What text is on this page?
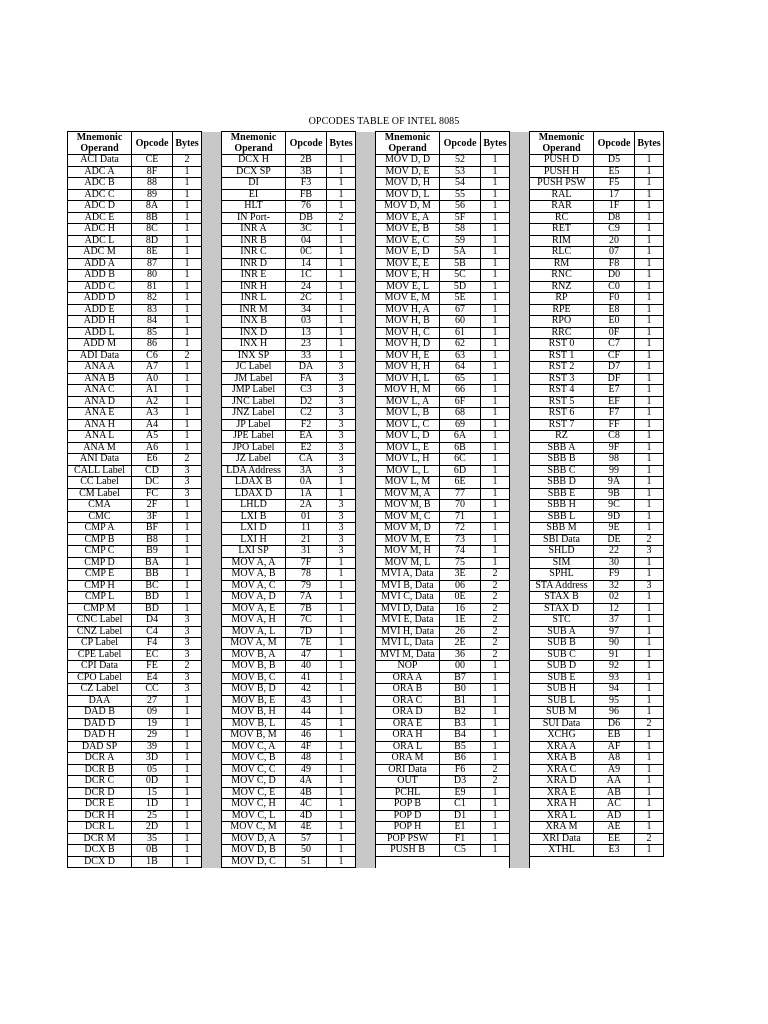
OPCODES TABLE OF INTEL 8085
Mnemonic Operand	Opcode	Bytes		Mnemonic Operand	Opcode	Bytes		Mnemonic Operand	Opcode	Bytes		Mnemonic Operand	Opcode	Bytes
ACI Data	CE	2		DCX H	2B	1		MOV D, D	52	1		PUSH D	D5	1
ADC A	8F	1		DCX SP	3B	1		MOV D, E	53	1		PUSH H	E5	1
ADC B	88	1		DI	F3	1		MOV D, H	54	1		PUSH PSW	F5	1
ADC C	89	1		EI	FB	1		MOV D, L	55	1		RAL	17	1
ADC D	8A	1		HLT	76	1		MOV D, M	56	1		RAR	1F	1
ADC E	8B	1		IN Port-	DB	2		MOV E, A	5F	1		RC	D8	1
ADC H	8C	1		INR A	3C	1		MOV E, B	58	1		RET	C9	1
ADC L	8D	1		INR B	04	1		MOV E, C	59	1		RIM	20	1
ADC M	8E	1		INR C	0C	1		MOV E, D	5A	1		RLC	07	1
ADD A	87	1		INR D	14	1		MOV E, E	5B	1		RM	F8	1
ADD B	80	1		INR E	1C	1		MOV E, H	5C	1		RNC	D0	1
ADD C	81	1		INR H	24	1		MOV E, L	5D	1		RNZ	C0	1
ADD D	82	1		INR L	2C	1		MOV E, M	5E	1		RP	F0	1
ADD E	83	1		INR M	34	1		MOV H, A	67	1		RPE	E8	1
ADD H	84	1		INX B	03	1		MOV H, B	60	1		RPO	E0	1
ADD L	85	1		INX D	13	1		MOV H, C	61	1		RRC	0F	1
ADD M	86	1		INX H	23	1		MOV H, D	62	1		RST 0	C7	1
ADI Data	C6	2		INX SP	33	1		MOV H, E	63	1		RST 1	CF	1
ANA A	A7	1		JC Label	DA	3		MOV H, H	64	1		RST 2	D7	1
ANA B	A0	1		JM Label	FA	3		MOV H, L	65	1		RST 3	DF	1
ANA C	A1	1		JMP Label	C3	3		MOV H, M	66	1		RST 4	E7	1
ANA D	A2	1		JNC Label	D2	3		MOV L, A	6F	1		RST 5	EF	1
ANA E	A3	1		JNZ Label	C2	3		MOV L, B	68	1		RST 6	F7	1
ANA H	A4	1		JP Label	F2	3		MOV L, C	69	1		RST 7	FF	1
ANA L	A5	1		JPE Label	EA	3		MOV L, D	6A	1		RZ	C8	1
ANA M	A6	1		JPO Label	E2	3		MOV L, E	6B	1		SBB A	9F	1
ANI Data	E6	2		JZ Label	CA	3		MOV L, H	6C	1		SBB B	98	1
CALL Label	CD	3		LDA Address	3A	3		MOV L, L	6D	1		SBB C	99	1
CC Label	DC	3		LDAX B	0A	1		MOV L, M	6E	1		SBB D	9A	1
CM Label	FC	3		LDAX D	1A	1		MOV M, A	77	1		SBB E	9B	1
CMA	2F	1		LHLD	2A	3		MOV M, B	70	1		SBB H	9C	1
CMC	3F	1		LXI B	01	3		MOV M, C	71	1		SBB L	9D	1
CMP A	BF	1		LXI D	11	3		MOV M, D	72	1		SBB M	9E	1
CMP B	B8	1		LXI H	21	3		MOV M, E	73	1		SBI Data	DE	2
CMP C	B9	1		LXI SP	31	3		MOV M, H	74	1		SHLD	22	3
CMP D	BA	1		MOV A, A	7F	1		MOV M, L	75	1		SIM	30	1
CMP E	BB	1		MOV A, B	78	1		MVI A, Data	3E	2		SPHL	F9	1
CMP H	BC	1		MOV A, C	79	1		MVI B, Data	06	2		STA Address	32	3
CMP L	BD	1		MOV A, D	7A	1		MVI C, Data	0E	2		STAX B	02	1
CMP M	BD	1		MOV A, E	7B	1		MVI D, Data	16	2		STAX D	12	1
CNC Label	D4	3		MOV A, H	7C	1		MVI E, Data	1E	2		STC	37	1
CNZ Label	C4	3		MOV A, L	7D	1		MVI H, Data	26	2		SUB A	97	1
CP Label	F4	3		MOV A, M	7E	1		MVI L, Data	2E	2		SUB B	90	1
CPE Label	EC	3		MOV B, A	47	1		MVI M, Data	36	2		SUB C	91	1
CPI Data	FE	2		MOV B, B	40	1		NOP	00	1		SUB D	92	1
CPO Label	E4	3		MOV B, C	41	1		ORA A	B7	1		SUB E	93	1
CZ Label	CC	3		MOV B, D	42	1		ORA B	B0	1		SUB H	94	1
DAA	27	1		MOV B, E	43	1		ORA C	B1	1		SUB L	95	1
DAD B	09	1		MOV B, H	44	1		ORA D	B2	1		SUB M	96	1
DAD D	19	1		MOV B, L	45	1		ORA E	B3	1		SUI Data	D6	2
DAD H	29	1		MOV B, M	46	1		ORA H	B4	1		XCHG	EB	1
DAD SP	39	1		MOV C, A	4F	1		ORA L	B5	1		XRA A	AF	1
DCR A	3D	1		MOV C, B	48	1		ORA M	B6	1		XRA B	A8	1
DCR B	05	1		MOV C, C	49	1		ORI Data	F6	2		XRA C	A9	1
DCR C	0D	1		MOV C, D	4A	1		OUT	D3	2		XRA D	AA	1
DCR D	15	1		MOV C, E	4B	1		PCHL	E9	1		XRA E	AB	1
DCR E	1D	1		MOV C, H	4C	1		POP B	C1	1		XRA H	AC	1
DCR H	25	1		MOV C, L	4D	1		POP D	D1	1		XRA L	AD	1
DCR L	2D	1		MOV C, M	4E	1		POP H	E1	1		XRA M	AE	1
DCR M	35	1		MOV D, A	57	1		POP PSW	F1	1		XRI Data	EE	2
DCX B	0B	1		MOV D, B	50	1		PUSH B	C5	1		XTHL	E3	1
DCX D	1B	1		MOV D, C	51	1								
